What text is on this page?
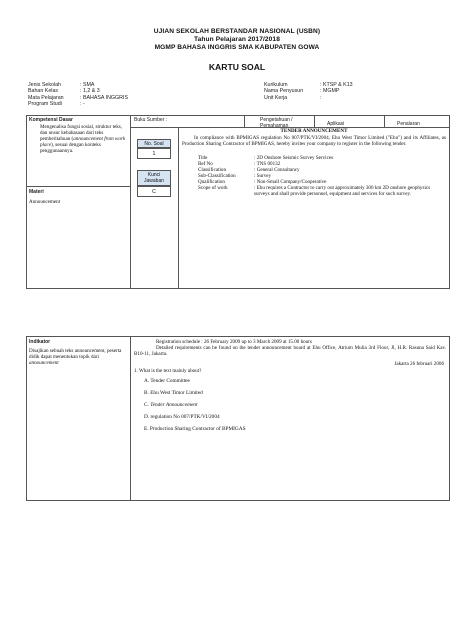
UJIAN SEKOLAH BERSTANDAR NASIONAL (USBN)
Tahun Pelajaran 2017/2018
MGMP BAHASA INGGRIS SMA KABUPATEN GOWA
KARTU SOAL
Jenis Sekolah	: SMA
Bahan Kelas	: 1,2 & 3
Mata Pelajaran	: BAHASA INGGRIS
Program Studi	: -
Kurikulum	: KTSP & K13
Nama Penyusun	: MGMP
Unit Kerja	:
Kompetensi Dasar
Mengenalisa fungsi sosial, struktur teks, dan unsur kebahasaan dari teks pemberitahuan (announcement from work place), sesuai dengan konteks penggunaannya.
Materi
Announcement
Buku Sumber :	Pengetahuan / Pemahaman	Aplikasi	Penalaran
No. Soal
1
Kunci Jawaban
C
TENDER ANNOUNCEMENT
In compliance with BPMIGAS regulation No 007/PTK/VI/2004, Ehu West Timor Limited ("Ehu") and its Affiliates, as Production Sharing Contractor of BPMIGAS, hereby invites your company to register in the following tender.
Title	: 2D Onshore Seismic Survey Services
Ref No	: TNS 00132
Classification	: General Consultancy
Sub-Classification	: Survey
Qualification	: Non-Small Company/Cooperative
Scope of work	: Ehu requires a Contractor to carry out approximately 300 km 2D onshore geophysics surveys and shall provide personnel, equipment and services for such survey.
Indikator
Disajikan sebuah teks announcement, peserta didik dapat menentukan topik dari announcement
Registration schedule : 26 February 2009 up to 3 March 2009 at 15.00 hours
Detailed requirements can be found on the tender announcement board at Ehu Office, Atrium Mulia 3rd Floor, Jl, H.R. Rasuna Said Kav. B10-11, Jakarta.
Jakarta 26 februari 2006
1. What is the text mainly about?
A. Tender Committee
B. Ehu West Timor Limited
C. Tender Announcement
D. regulation No 007/PTK/VI/2004
E. Production Sharing Contractor of BPMIGAS
